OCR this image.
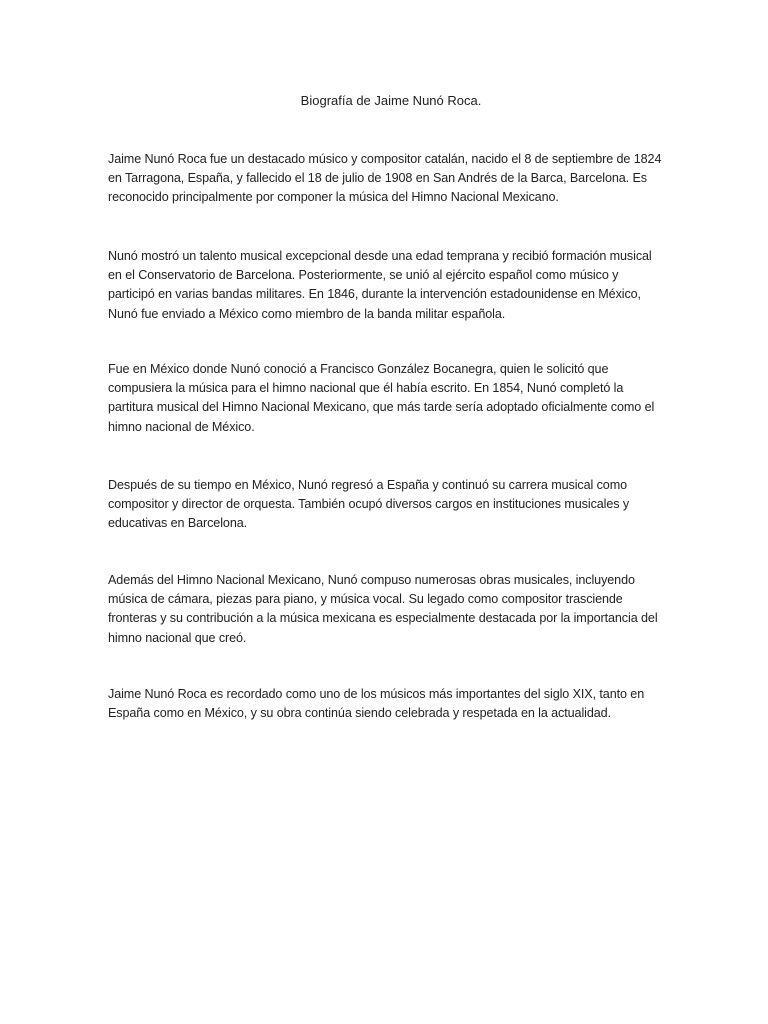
Biografía de Jaime Nunó Roca.

Jaime Nunó Roca fue un destacado músico y compositor catalán, nacido el 8 de septiembre de 1824 en Tarragona, España, y fallecido el 18 de julio de 1908 en San Andrés de la Barca, Barcelona. Es reconocido principalmente por componer la música del Himno Nacional Mexicano.

Nunó mostró un talento musical excepcional desde una edad temprana y recibió formación musical en el Conservatorio de Barcelona. Posteriormente, se unió al ejército español como músico y participó en varias bandas militares. En 1846, durante la intervención estadounidense en México, Nunó fue enviado a México como miembro de la banda militar española.

Fue en México donde Nunó conoció a Francisco González Bocanegra, quien le solicitó que compusiera la música para el himno nacional que él había escrito. En 1854, Nunó completó la partitura musical del Himno Nacional Mexicano, que más tarde sería adoptado oficialmente como el himno nacional de México.

Después de su tiempo en México, Nunó regresó a España y continuó su carrera musical como compositor y director de orquesta. También ocupó diversos cargos en instituciones musicales y educativas en Barcelona.

Además del Himno Nacional Mexicano, Nunó compuso numerosas obras musicales, incluyendo música de cámara, piezas para piano, y música vocal. Su legado como compositor trasciende fronteras y su contribución a la música mexicana es especialmente destacada por la importancia del himno nacional que creó.

Jaime Nunó Roca es recordado como uno de los músicos más importantes del siglo XIX, tanto en España como en México, y su obra continúa siendo celebrada y respetada en la actualidad.
